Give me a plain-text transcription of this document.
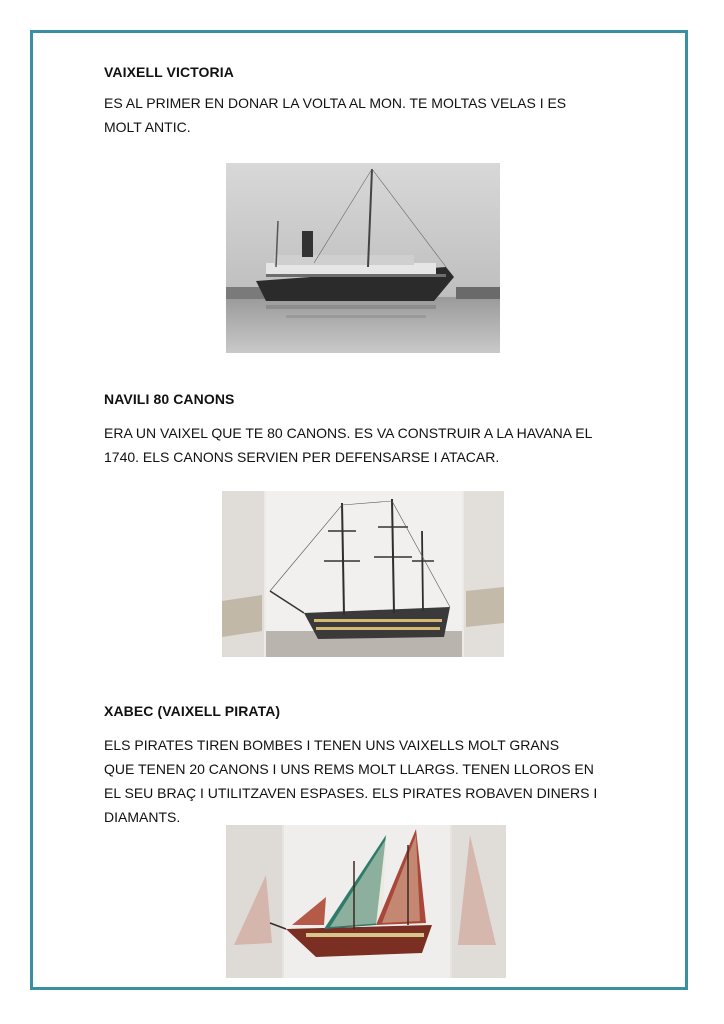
VAIXELL VICTORIA
ES AL PRIMER EN DONAR LA VOLTA AL MON. TE MOLTAS VELAS I ES
MOLT ANTIC.
NAVILI 80 CANONS
ERA UN VAIXEL QUE TE 80 CANONS. ES VA CONSTRUIR A LA HAVANA EL
1740. ELS CANONS SERVIEN PER DEFENSARSE I ATACAR.
XABEC (VAIXELL PIRATA)
ELS PIRATES TIREN BOMBES I TENEN UNS VAIXELLS MOLT GRANS
QUE TENEN 20 CANONS I UNS REMS MOLT LLARGS. TENEN LLOROS EN
EL SEU BRAÇ I UTILITZAVEN ESPASES. ELS PIRATES ROBAVEN DINERS I
DIAMANTS.
